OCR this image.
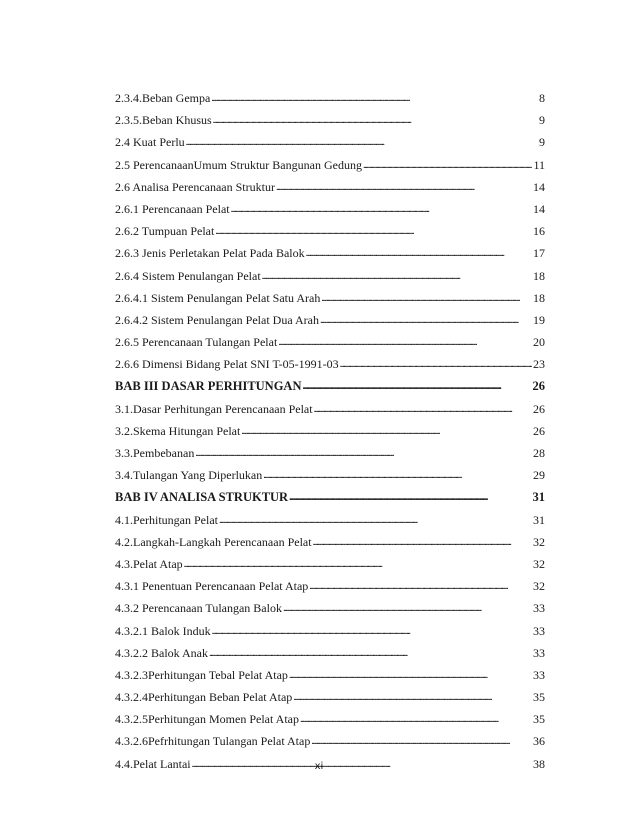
2.3.4.Beban Gempa . . .	8
2.3.5.Beban Khusus . . .	9
2.4 Kuat Perlu . . .	9
2.5 PerencanaanUmum Struktur Bangunan Gedung . . .	11
2.6 Analisa Perencanaan Struktur . . .	14
2.6.1 Perencanaan Pelat . . .	14
2.6.2 Tumpuan Pelat . . .	16
2.6.3 Jenis Perletakan Pelat Pada Balok . . .	17
2.6.4 Sistem Penulangan Pelat . . .	18
2.6.4.1 Sistem Penulangan Pelat Satu Arah . . .	18
2.6.4.2 Sistem Penulangan Pelat Dua Arah . . .	19
2.6.5 Perencanaan Tulangan Pelat . . .	20
2.6.6 Dimensi Bidang Pelat SNI T-05-1991-03 . . .	23
BAB III DASAR PERHITUNGAN . . .	26
3.1.Dasar Perhitungan Perencanaan Pelat . . .	26
3.2.Skema Hitungan Pelat . . .	26
3.3.Pembebanan . . .	28
3.4.Tulangan Yang Diperlukan . . .	29
BAB IV ANALISA STRUKTUR . . .	31
4.1.Perhitungan Pelat . . .	31
4.2.Langkah-Langkah Perencanaan Pelat . . .	32
4.3.Pelat Atap . . .	32
4.3.1 Penentuan Perencanaan Pelat Atap . . .	32
4.3.2 Perencanaan Tulangan Balok . . .	33
4.3.2.1 Balok Induk . . .	33
4.3.2.2 Balok Anak . . .	33
4.3.2.3Perhitungan Tebal Pelat Atap . . .	33
4.3.2.4Perhitungan Beban Pelat Atap . . .	35
4.3.2.5Perhitungan Momen Pelat Atap . . .	35
4.3.2.6Pefrhitungan Tulangan Pelat Atap . . .	36
4.4.Pelat Lantai . . .	38
xi
